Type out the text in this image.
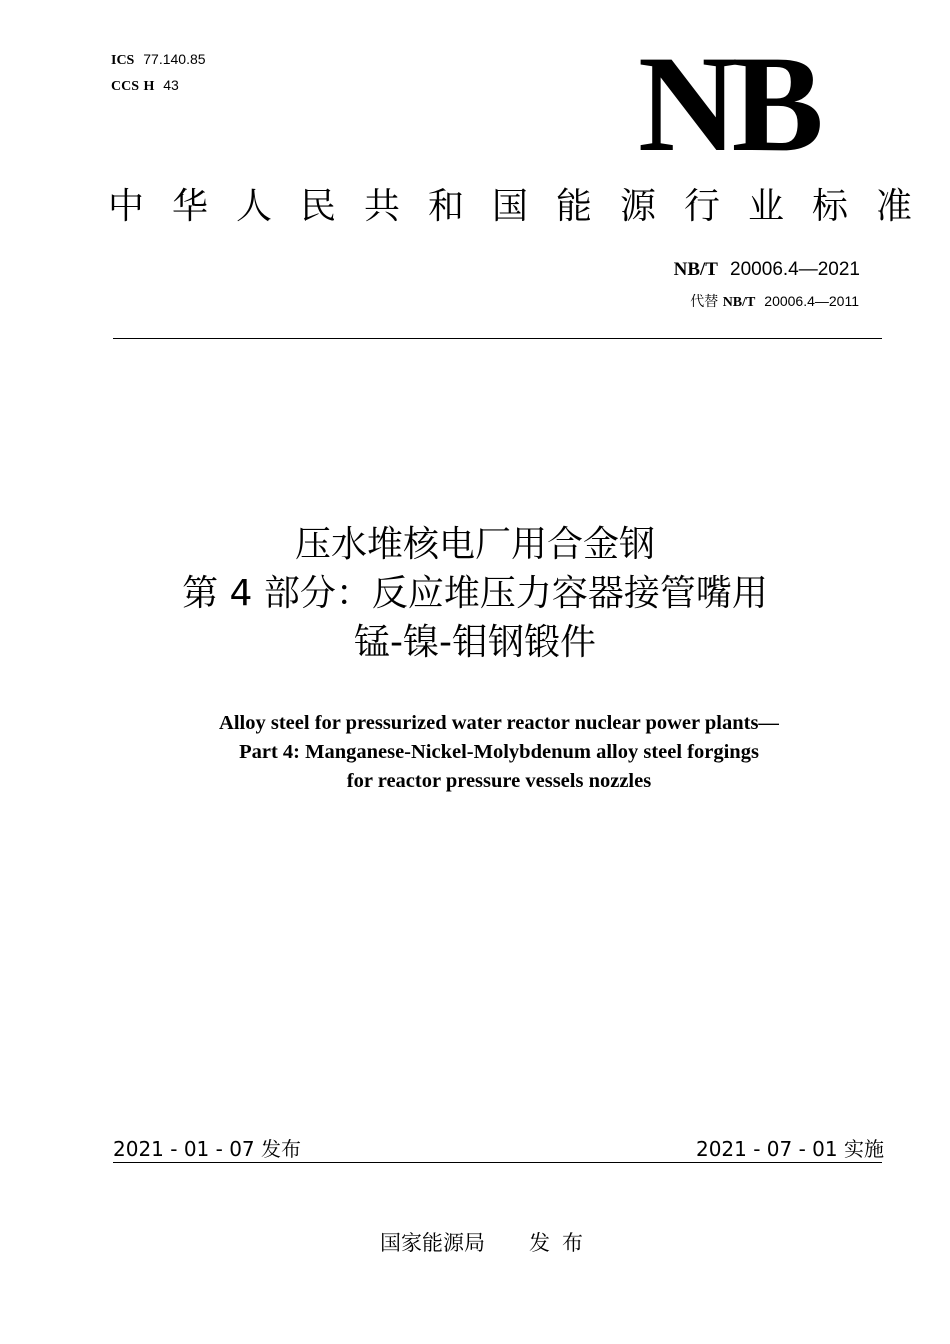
ICS 77.140.85
CCS H 43	NB
中华人民共和国能源行业标准
NB/T 20006.4—2021
代替 NB/T 20006.4—2011
压水堆核电厂用合金钢
第 4 部分：反应堆压力容器接管嘴用
锰-镍-钼钢锻件
Alloy steel for pressurized water reactor nuclear power plants—
Part 4: Manganese-Nickel-Molybdenum alloy steel forgings
for reactor pressure vessels nozzles
2021 - 01 - 07 发布	2021 - 07 - 01 实施
国家能源局 发布
